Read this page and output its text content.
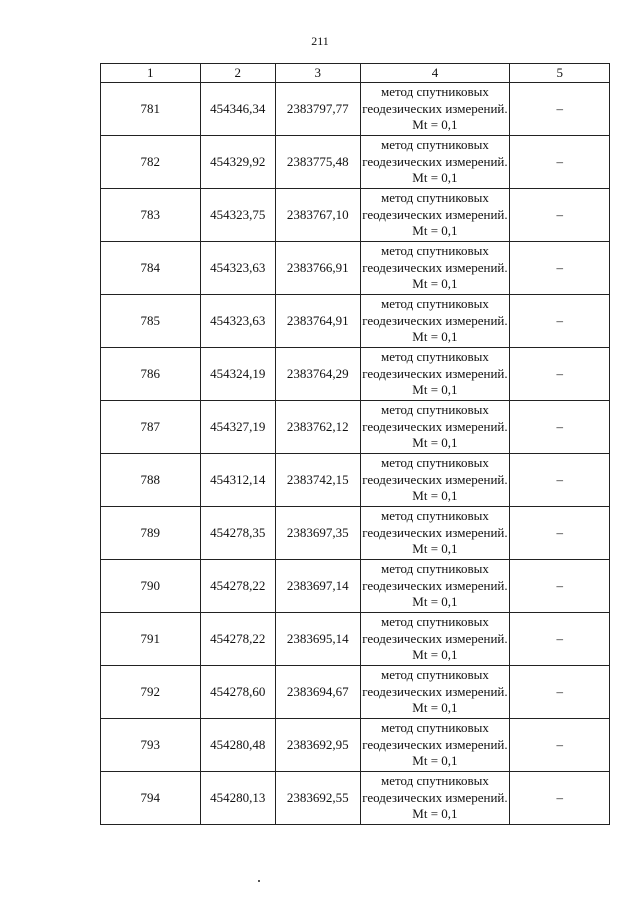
211
1	2	3	4	5
781	454346,34	2383797,77	метод спутниковых геодезических измерений. Mt = 0,1	–
782	454329,92	2383775,48	метод спутниковых геодезических измерений. Mt = 0,1	–
783	454323,75	2383767,10	метод спутниковых геодезических измерений. Mt = 0,1	–
784	454323,63	2383766,91	метод спутниковых геодезических измерений. Mt = 0,1	–
785	454323,63	2383764,91	метод спутниковых геодезических измерений. Mt = 0,1	–
786	454324,19	2383764,29	метод спутниковых геодезических измерений. Mt = 0,1	–
787	454327,19	2383762,12	метод спутниковых геодезических измерений. Mt = 0,1	–
788	454312,14	2383742,15	метод спутниковых геодезических измерений. Mt = 0,1	–
789	454278,35	2383697,35	метод спутниковых геодезических измерений. Mt = 0,1	–
790	454278,22	2383697,14	метод спутниковых геодезических измерений. Mt = 0,1	–
791	454278,22	2383695,14	метод спутниковых геодезических измерений. Mt = 0,1	–
792	454278,60	2383694,67	метод спутниковых геодезических измерений. Mt = 0,1	–
793	454280,48	2383692,95	метод спутниковых геодезических измерений. Mt = 0,1	–
794	454280,13	2383692,55	метод спутниковых геодезических измерений. Mt = 0,1	–
